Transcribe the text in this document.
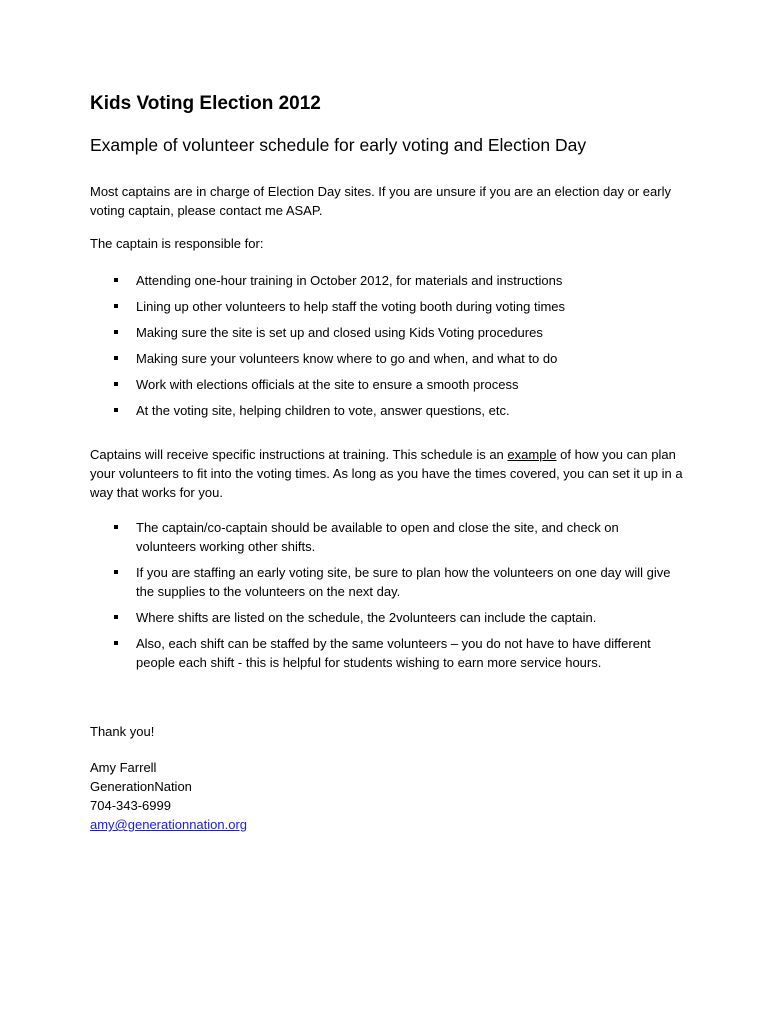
Kids Voting Election 2012
Example of volunteer schedule for early voting and Election Day

Most captains are in charge of Election Day sites. If you are unsure if you are an election day or early voting captain, please contact me ASAP.

The captain is responsible for:

Attending one-hour training in October 2012, for materials and instructions
Lining up other volunteers to help staff the voting booth during voting times
Making sure the site is set up and closed using Kids Voting procedures
Making sure your volunteers know where to go and when, and what to do
Work with elections officials at the site to ensure a smooth process
At the voting site, helping children to vote, answer questions, etc.

Captains will receive specific instructions at training. This schedule is an example of how you can plan your volunteers to fit into the voting times. As long as you have the times covered, you can set it up in a way that works for you.

The captain/co-captain should be available to open and close the site, and check on volunteers working other shifts.
If you are staffing an early voting site, be sure to plan how the volunteers on one day will give the supplies to the volunteers on the next day.
Where shifts are listed on the schedule, the 2volunteers can include the captain.
Also, each shift can be staffed by the same volunteers – you do not have to have different people each shift - this is helpful for students wishing to earn more service hours.

Thank you!

Amy Farrell
GenerationNation
704-343-6999
amy@generationnation.org
